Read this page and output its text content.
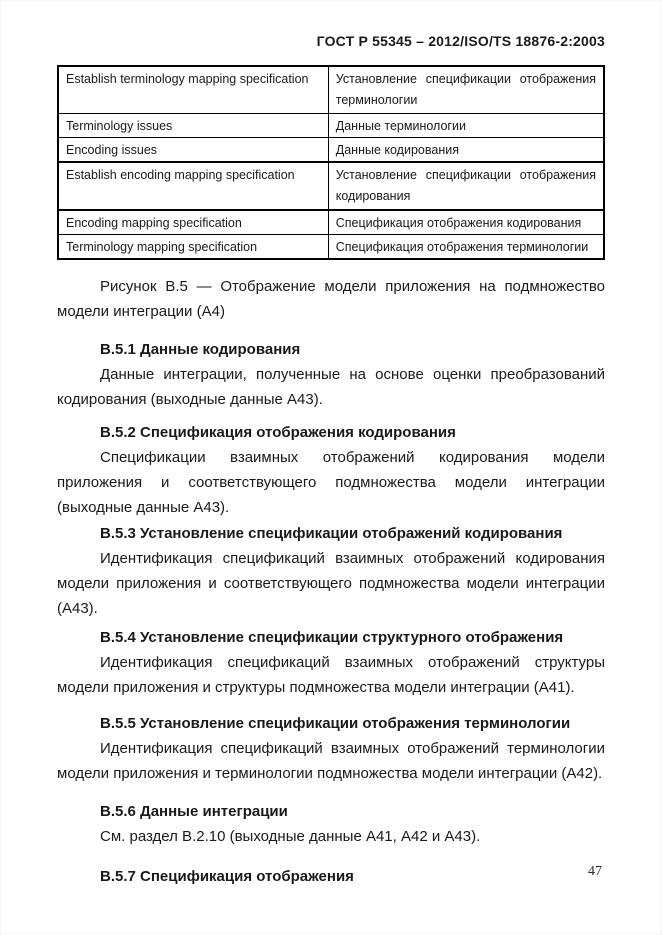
ГОСТ Р 55345 – 2012/ISO/TS 18876-2:2003
Establish terminology mapping specification	Установление спецификации отображения терминологии
Terminology issues	Данные терминологии
Encoding issues	Данные кодирования
Establish encoding mapping specification	Установление спецификации отображения кодирования
Encoding mapping specification	Спецификация отображения кодирования
Terminology mapping specification	Спецификация отображения терминологии

Рисунок В.5 — Отображение модели приложения на подмножество модели интеграции (А4)

В.5.1 Данные кодирования

Данные интеграции, полученные на основе оценки преобразований кодирования (выходные данные А43).

В.5.2 Спецификация отображения кодирования

Спецификации взаимных отображений кодирования модели приложения и соответствующего подмножества модели интеграции (выходные данные А43).

В.5.3 Установление спецификации отображений кодирования

Идентификация спецификаций взаимных отображений кодирования модели приложения и соответствующего подмножества модели интеграции (А43).

В.5.4 Установление спецификации структурного отображения

Идентификация спецификаций взаимных отображений структуры модели приложения и структуры подмножества модели интеграции (А41).

В.5.5 Установление спецификации отображения терминологии

Идентификация спецификаций взаимных отображений терминологии модели приложения и терминологии подмножества модели интеграции (А42).

В.5.6 Данные интеграции

См. раздел В.2.10 (выходные данные А41, А42 и А43).

В.5.7 Спецификация отображения	47
